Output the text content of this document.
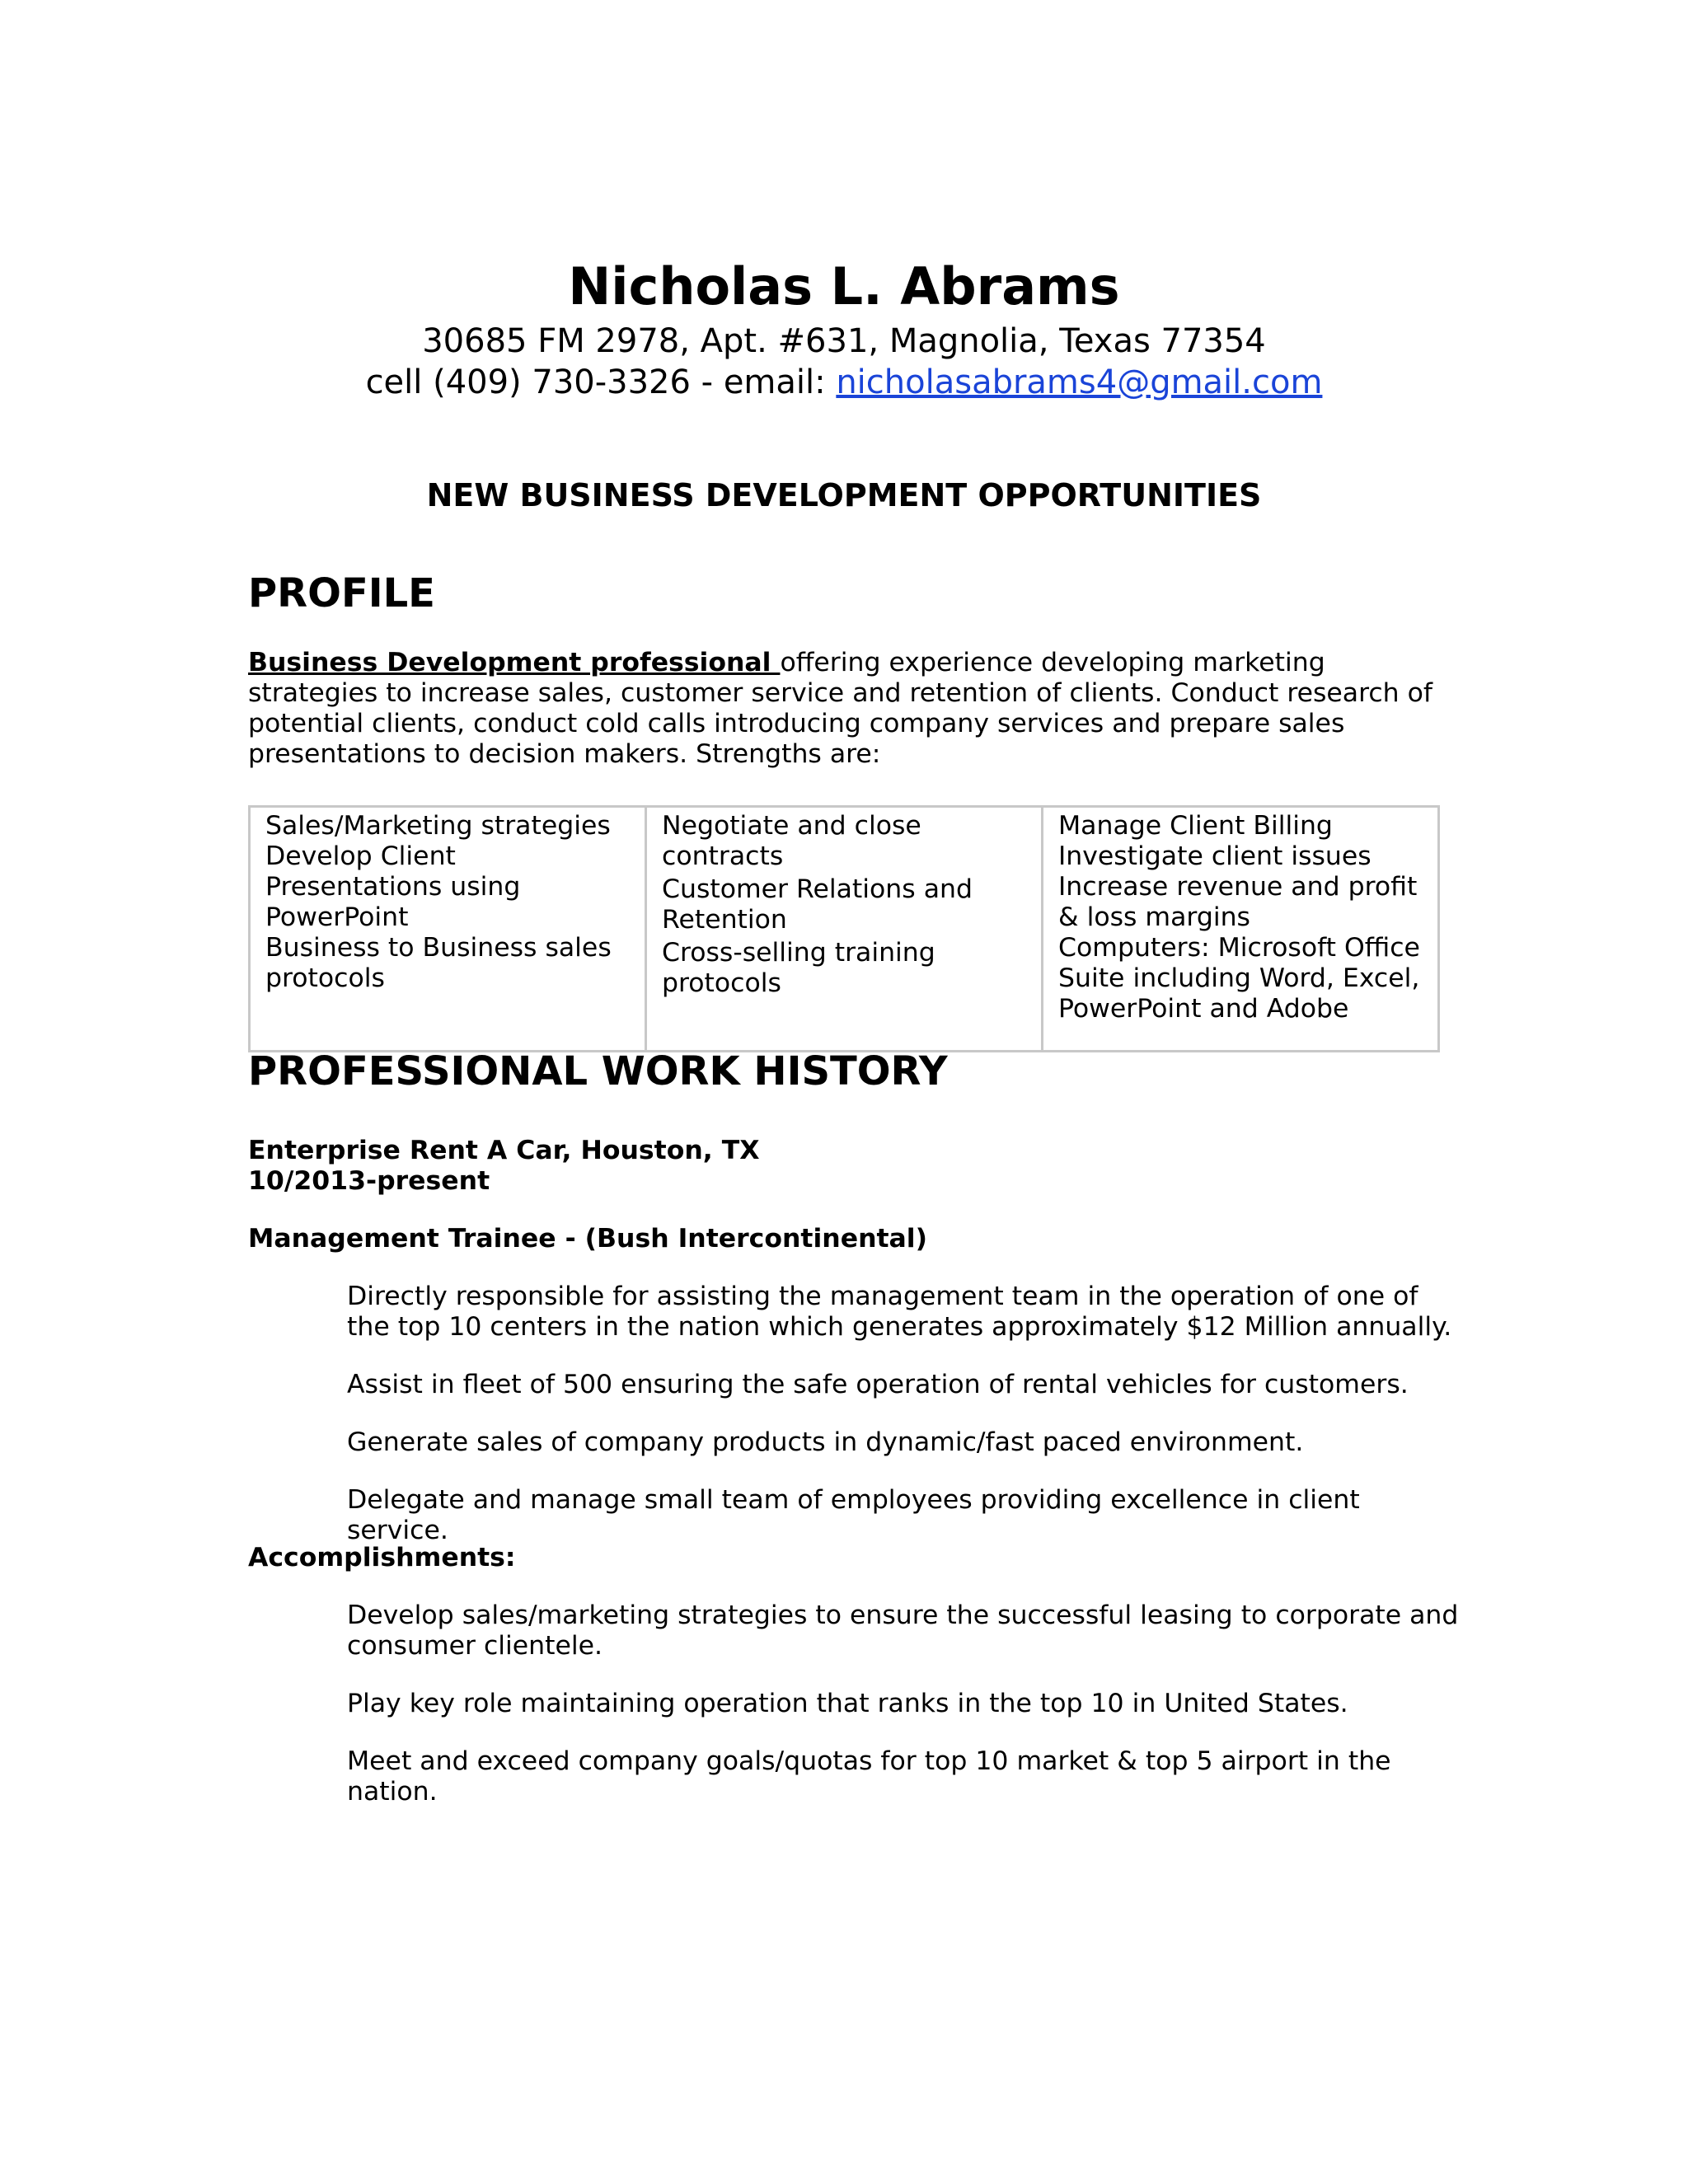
Nicholas L. Abrams
30685 FM 2978, Apt. #631, Magnolia, Texas 77354
cell (409) 730-3326 - email: nicholasabrams4@gmail.com
NEW BUSINESS DEVELOPMENT OPPORTUNITIES
PROFILE
Business Development professional offering experience developing marketing strategies to increase sales, customer service and retention of clients. Conduct research of potential clients, conduct cold calls introducing company services and prepare sales presentations to decision makers. Strengths are:
Sales/Marketing strategies
Develop Client Presentations using PowerPoint
Business to Business sales protocols

Negotiate and close contracts
Customer Relations and Retention
Cross-selling training protocols

Manage Client Billing
Investigate client issues
Increase revenue and profit & loss margins
Computers: Microsoft Office Suite including Word, Excel, PowerPoint and Adobe
PROFESSIONAL WORK HISTORY
Enterprise Rent A Car, Houston, TX
10/2013-present
Management Trainee - (Bush Intercontinental)
Directly responsible for assisting the management team in the operation of one of the top 10 centers in the nation which generates approximately $12 Million annually.
Assist in fleet of 500 ensuring the safe operation of rental vehicles for customers.
Generate sales of company products in dynamic/fast paced environment.
Delegate and manage small team of employees providing excellence in client service.
Accomplishments:
Develop sales/marketing strategies to ensure the successful leasing to corporate and consumer clientele.
Play key role maintaining operation that ranks in the top 10 in United States.
Meet and exceed company goals/quotas for top 10 market & top 5 airport in the nation.
